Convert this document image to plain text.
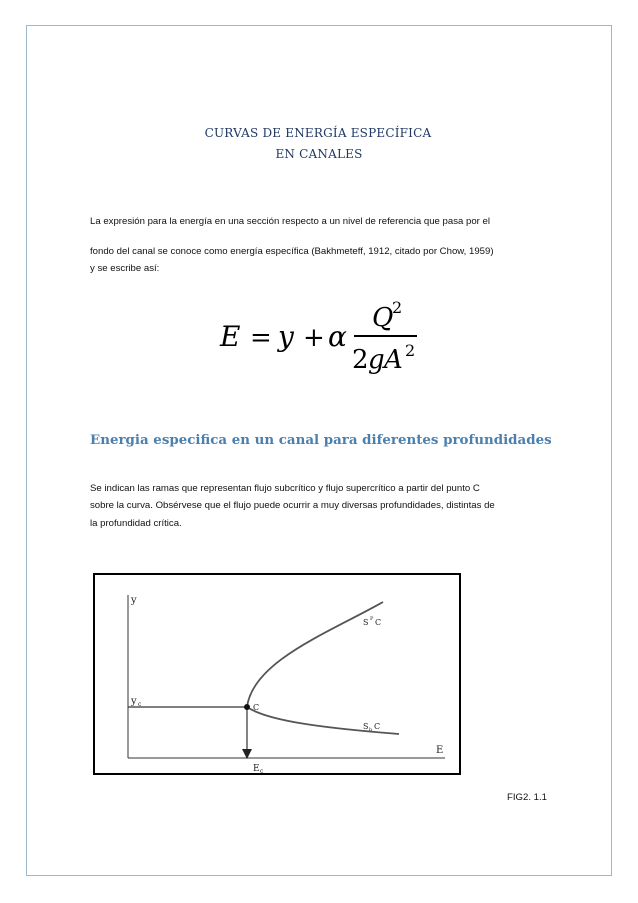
CURVAS DE ENERGÍA ESPECÍFICA
EN CANALES
La expresión para la energía en una sección respecto a un nivel de referencia que pasa por el
fondo del canal se conoce como energía específica (Bakhmeteff, 1912, citado por Chow, 1959)
y se escribe así:
E = y + α
Q
2
2 g A 2
Energia especifica en un canal para diferentes profundidades
Se indican las ramas que representan flujo subcrítico y flujo supercrítico a partir del punto C
sobre la curva. Obsérvese que el flujo puede ocurrir a muy diversas profundidades, distintas de
la profundidad crítica.
y
E
y c
E c
C
S P C
S b C
FIG2. 1.1
